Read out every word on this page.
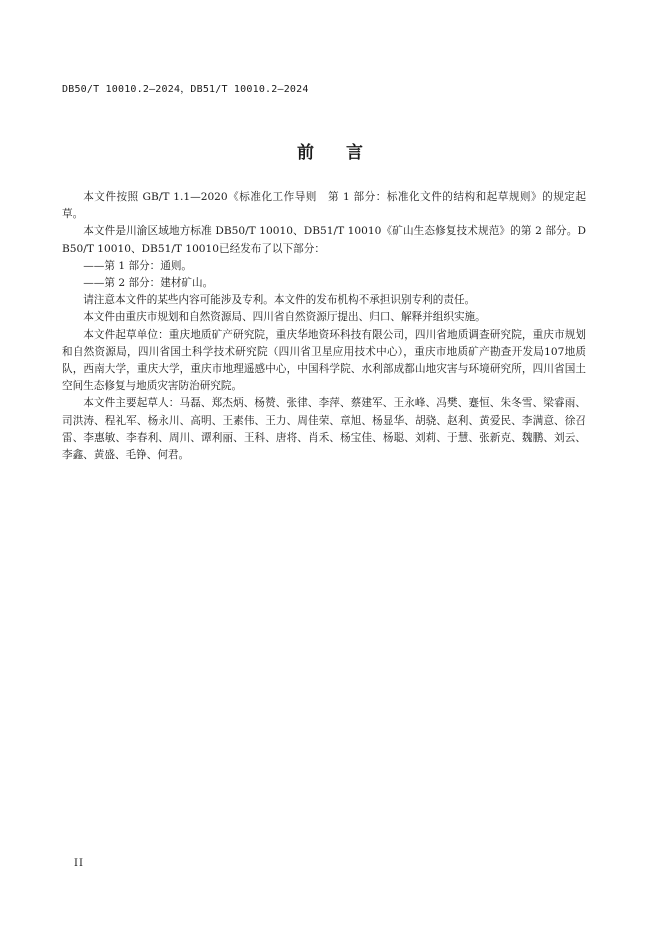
DB50/T 10010.2—2024，DB51/T 10010.2—2024
前 言

本文件按照 GB/T 1.1—2020《标准化工作导则　第 1 部分：标准化文件的结构和起草规则》的规定起草。

本文件是川渝区域地方标准 DB50/T 10010、DB51/T 10010《矿山生态修复技术规范》的第 2 部分。DB50/T 10010、DB51/T 10010已经发布了以下部分：

——第 1 部分：通则。

——第 2 部分：建材矿山。

请注意本文件的某些内容可能涉及专利。本文件的发布机构不承担识别专利的责任。

本文件由重庆市规划和自然资源局、四川省自然资源厅提出、归口、解释并组织实施。

本文件起草单位：重庆地质矿产研究院，重庆华地资环科技有限公司，四川省地质调查研究院，重庆市规划和自然资源局，四川省国土科学技术研究院（四川省卫星应用技术中心），重庆市地质矿产勘查开发局107地质队，西南大学，重庆大学，重庆市地理遥感中心，中国科学院、水利部成都山地灾害与环境研究所，四川省国土空间生态修复与地质灾害防治研究院。

本文件主要起草人：马磊、郑杰炳、杨赞、张律、李萍、蔡建军、王永峰、冯樊、蹇恒、朱冬雪、梁睿雨、司洪涛、程礼军、杨永川、高明、王素伟、王力、周佳荣、章旭、杨显华、胡骁、赵利、黄爱民、李满意、徐召雷、李惠敏、李春利、周川、谭利丽、王科、唐将、肖禾、杨宝佳、杨聪、刘莉、于慧、张新克、魏鹏、刘云、李鑫、黄盛、毛铮、何君。

II
